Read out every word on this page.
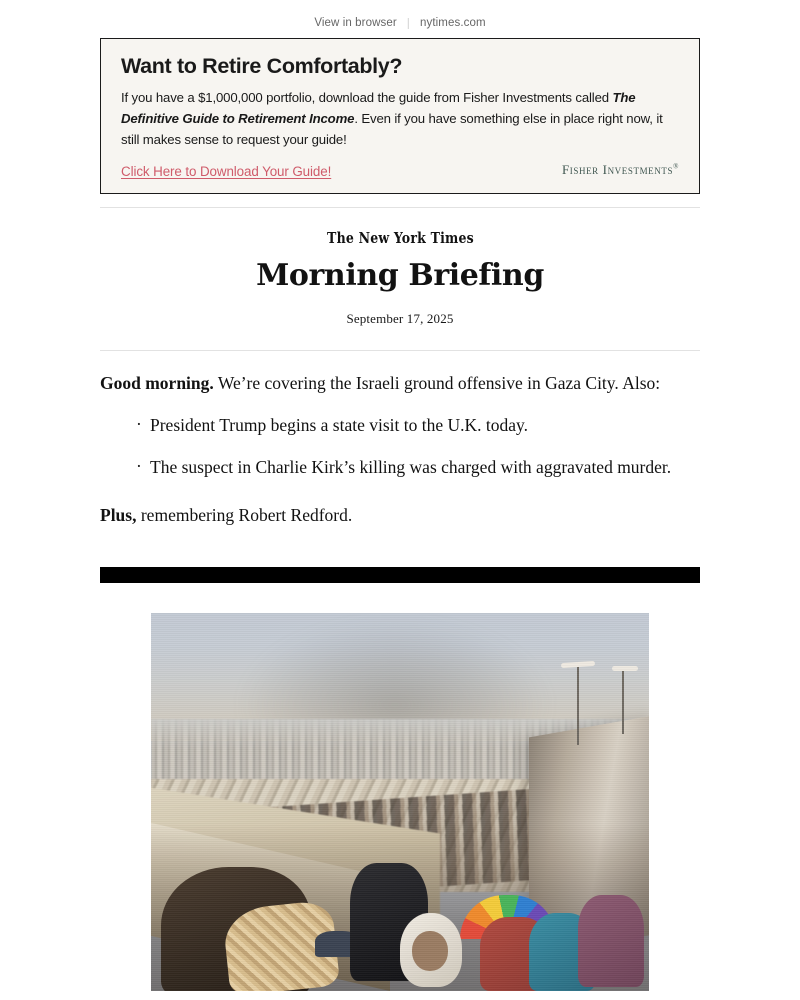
View in browser | nytimes.com
Want to Retire Comfortably?
If you have a $1,000,000 portfolio, download the guide from Fisher Investments called The Definitive Guide to Retirement Income. Even if you have something else in place right now, it still makes sense to request your guide!
Click Here to Download Your Guide!	Fisher Investments®
The New York Times
Morning Briefing
September 17, 2025

Good morning. We’re covering the Israeli ground offensive in Gaza City. Also:

· President Trump begins a state visit to the U.K. today.
· The suspect in Charlie Kirk’s killing was charged with aggravated murder.

Plus, remembering Robert Redford.
